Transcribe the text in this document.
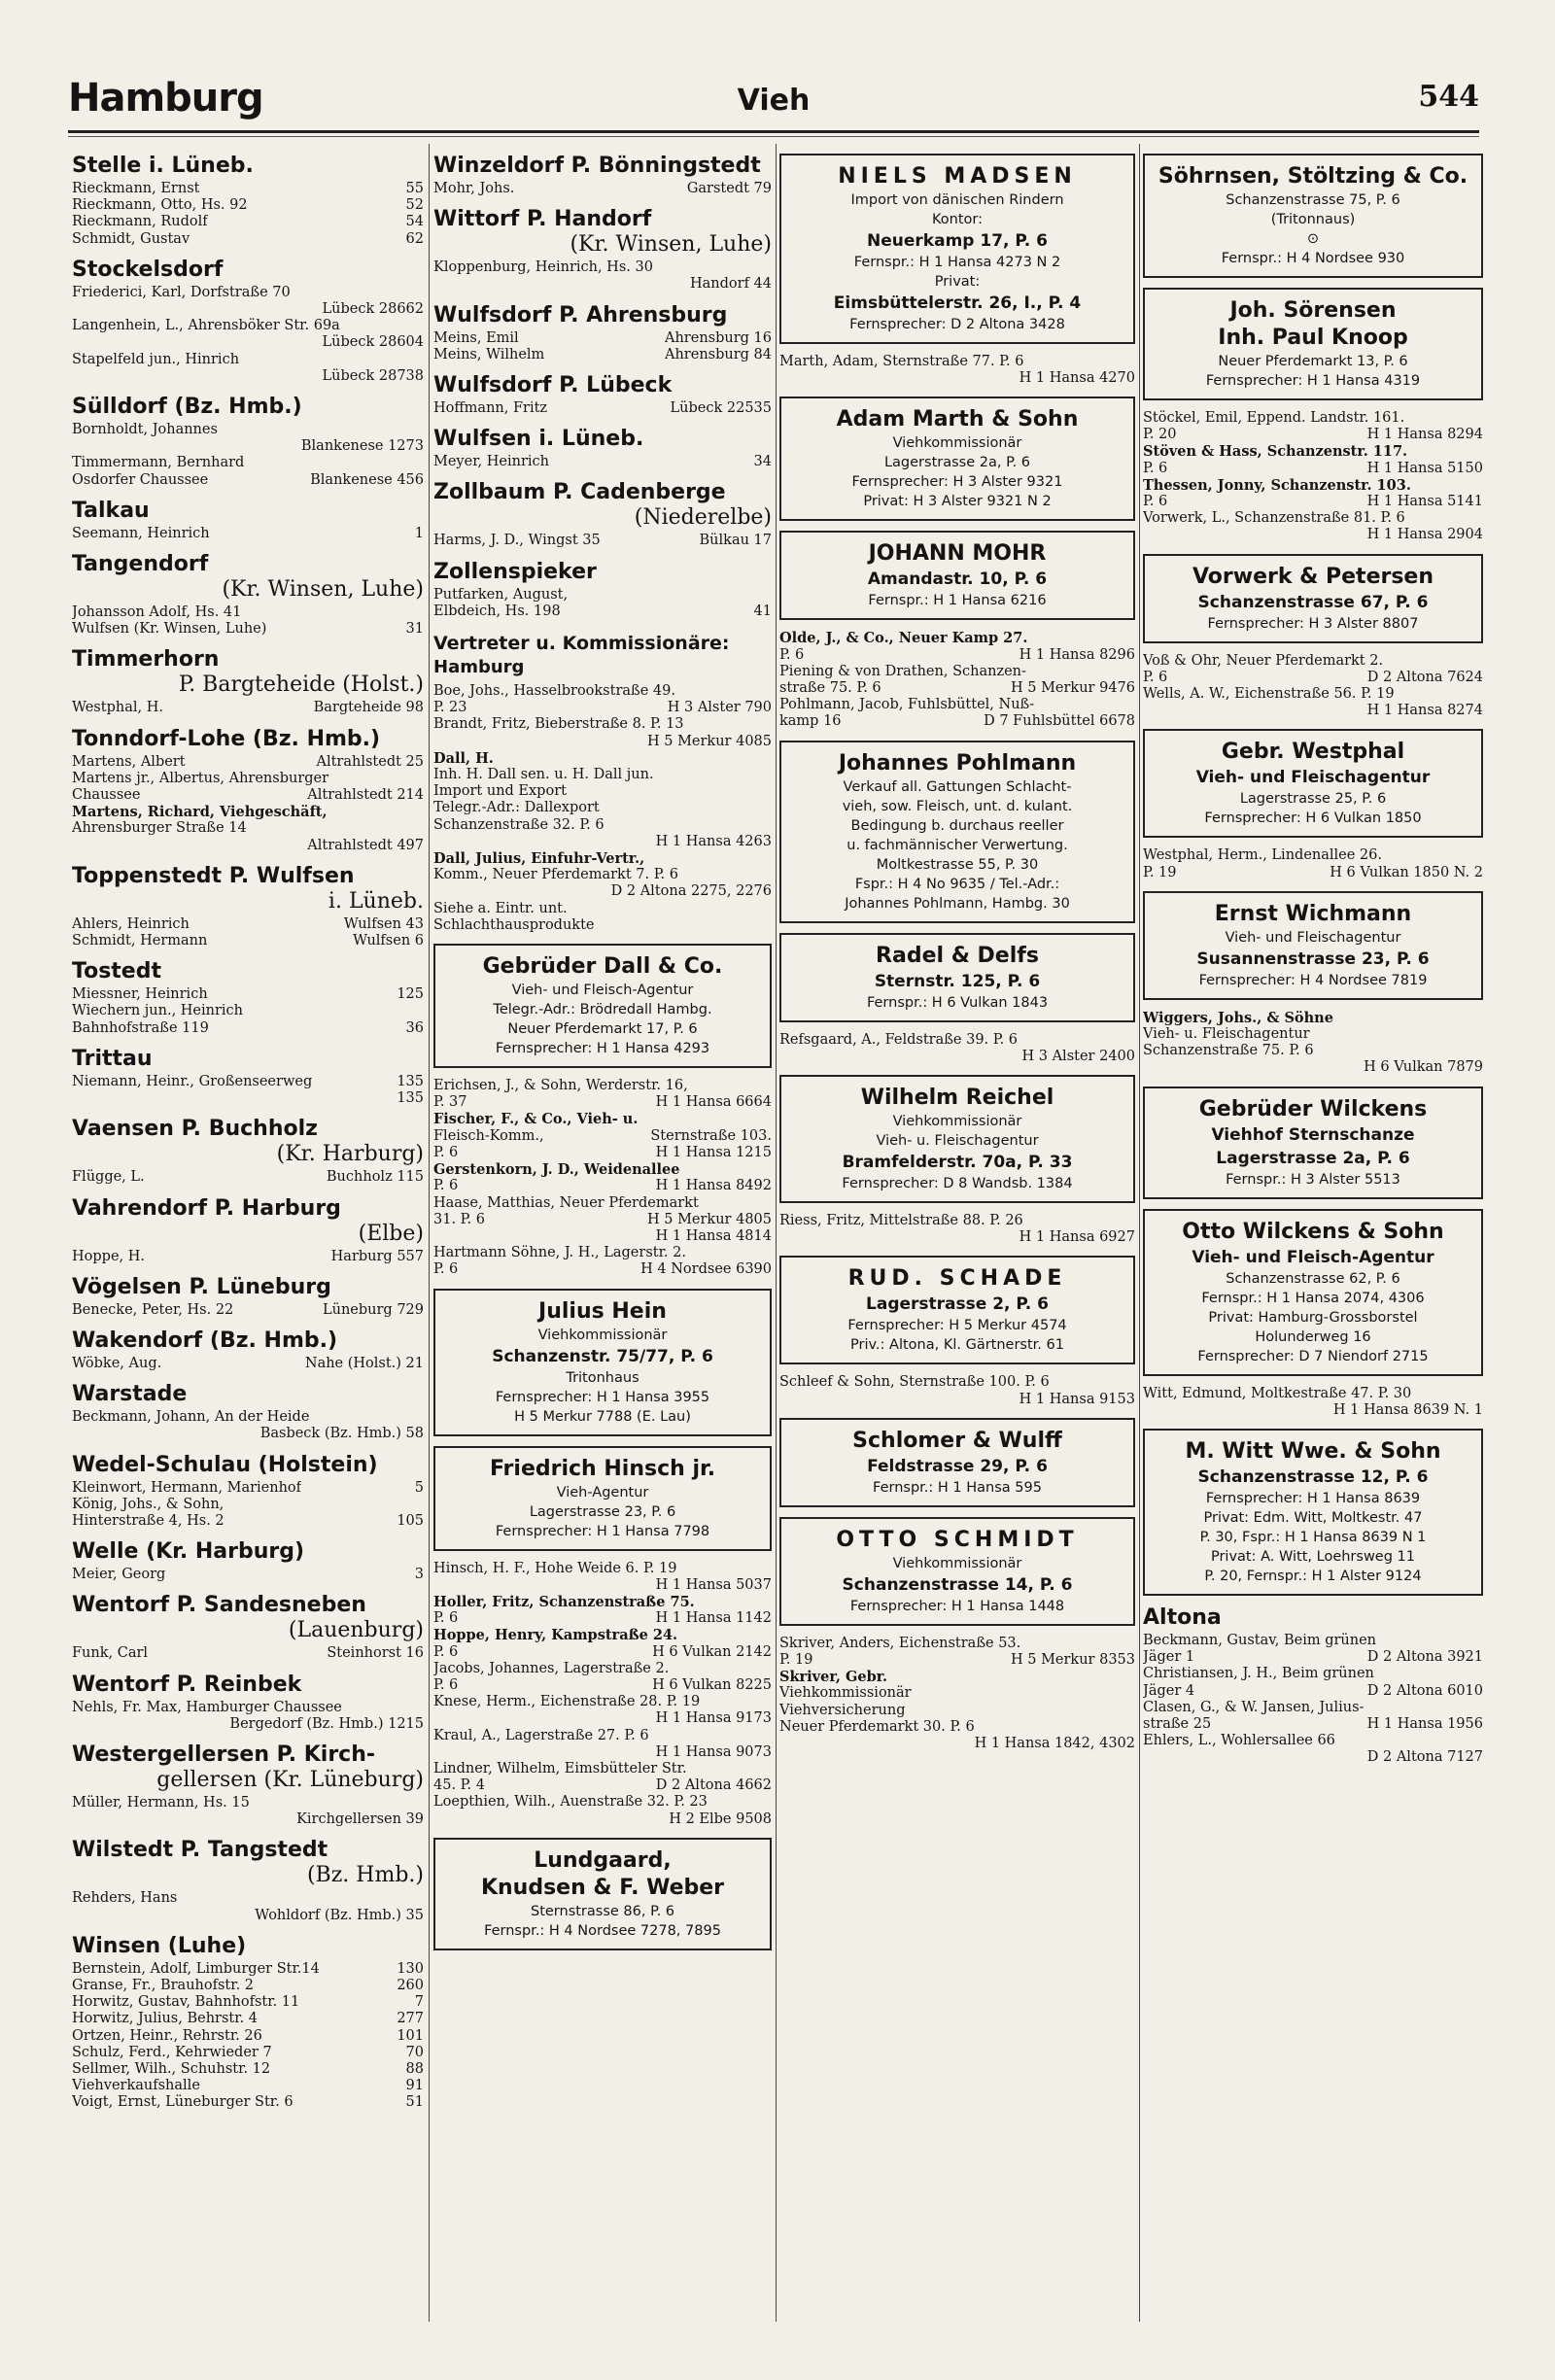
Hamburg	Vieh	544
Stelle i. Lüneb.
Rieckmann, Ernst	55
Rieckmann, Otto, Hs. 92	52
Rieckmann, Rudolf	54
Schmidt, Gustav	62
Stockelsdorf
Friederici, Karl, Dorfstraße 70
Lübeck 28662
Langenhein, L., Ahrensböker Str. 69a
Lübeck 28604
Stapelfeld jun., Hinrich
Lübeck 28738
Sülldorf (Bz. Hmb.)
Bornholdt, Johannes
Blankenese 1273
Timmermann, Bernhard
Osdorfer Chaussee	Blankenese 456
Talkau
Seemann, Heinrich	1
Tangendorf
(Kr. Winsen, Luhe)
Johansson Adolf, Hs. 41
Wulfsen (Kr. Winsen, Luhe)	31
Timmerhorn
P. Bargteheide (Holst.)
Westphal, H.	Bargteheide 98
Tonndorf-Lohe (Bz. Hmb.)
Martens, Albert	Altrahlstedt 25
Martens jr., Albertus, Ahrensburger
Chaussee	Altrahlstedt 214
Martens, Richard, Viehgeschäft,
Ahrensburger Straße 14
Altrahlstedt 497
Toppenstedt P. Wulfsen
i. Lüneb.
Ahlers, Heinrich	Wulfsen 43
Schmidt, Hermann	Wulfsen 6
Tostedt
Miessner, Heinrich	125
Wiechern jun., Heinrich
Bahnhofstraße 119	36
Trittau
Niemann, Heinr., Großenseerweg	135
135
Vaensen P. Buchholz
(Kr. Harburg)
Flügge, L.	Buchholz 115
Vahrendorf P. Harburg
(Elbe)
Hoppe, H.	Harburg 557
Vögelsen P. Lüneburg
Benecke, Peter, Hs. 22	Lüneburg 729
Wakendorf (Bz. Hmb.)
Wöbke, Aug.	Nahe (Holst.) 21
Warstade
Beckmann, Johann, An der Heide
Basbeck (Bz. Hmb.) 58
Wedel-Schulau (Holstein)
Kleinwort, Hermann, Marienhof	5
König, Johs., & Sohn,
Hinterstraße 4, Hs. 2	105
Welle (Kr. Harburg)
Meier, Georg	3
Wentorf P. Sandesneben
(Lauenburg)
Funk, Carl	Steinhorst 16
Wentorf P. Reinbek
Nehls, Fr. Max, Hamburger Chaussee
Bergedorf (Bz. Hmb.) 1215
Westergellersen P. Kirch-
gellersen (Kr. Lüneburg)
Müller, Hermann, Hs. 15
Kirchgellersen 39
Wilstedt P. Tangstedt
(Bz. Hmb.)
Rehders, Hans
Wohldorf (Bz. Hmb.) 35
Winsen (Luhe)
Bernstein, Adolf, Limburger Str.14	130
Granse, Fr., Brauhofstr. 2	260
Horwitz, Gustav, Bahnhofstr. 11	7
Horwitz, Julius, Behrstr. 4	277
Ortzen, Heinr., Rehrstr. 26	101
Schulz, Ferd., Kehrwieder 7	70
Sellmer, Wilh., Schuhstr. 12	88
Viehverkaufshalle	91
Voigt, Ernst, Lüneburger Str. 6	51
Winzeldorf P. Bönningstedt
Mohr, Johs.	Garstedt 79
Wittorf P. Handorf
(Kr. Winsen, Luhe)
Kloppenburg, Heinrich, Hs. 30
Handorf 44
Wulfsdorf P. Ahrensburg
Meins, Emil	Ahrensburg 16
Meins, Wilhelm	Ahrensburg 84
Wulfsdorf P. Lübeck
Hoffmann, Fritz	Lübeck 22535
Wulfsen i. Lüneb.
Meyer, Heinrich	34
Zollbaum P. Cadenberge
(Niederelbe)
Harms, J. D., Wingst 35	Bülkau 17
Zollenspieker
Putfarken, August,
Elbdeich, Hs. 198	41
Vertreter u. Kommissionäre:
Hamburg
Boe, Johs., Hasselbrookstraße 49.
P. 23	H 3 Alster 790
Brandt, Fritz, Bieberstraße 8. P. 13
H 5 Merkur 4085
Dall, H.
Inh. H. Dall sen. u. H. Dall jun.
Import und Export
Telegr.-Adr.: Dallexport
Schanzenstraße 32. P. 6
H 1 Hansa 4263
Dall, Julius, Einfuhr-Vertr.,
Komm., Neuer Pferdemarkt 7. P. 6
D 2 Altona 2275, 2276
Siehe a. Eintr. unt.
Schlachthausprodukte
Gebrüder Dall & Co.
Vieh- und Fleisch-Agentur
Telegr.-Adr.: Brödredall Hambg.
Neuer Pferdemarkt 17, P. 6
Fernsprecher: H 1 Hansa 4293
Erichsen, J., & Sohn, Werderstr. 16,
P. 37	H 1 Hansa 6664
Fischer, F., & Co., Vieh- u.
Fleisch-Komm.,	Sternstraße 103.
P. 6	H 1 Hansa 1215
Gerstenkorn, J. D., Weidenallee
P. 6	H 1 Hansa 8492
Haase, Matthias, Neuer Pferdemarkt
31. P. 6	H 5 Merkur 4805
H 1 Hansa 4814
Hartmann Söhne, J. H., Lagerstr. 2.
P. 6	H 4 Nordsee 6390
Julius Hein
Viehkommissionär
Schanzenstr. 75/77, P. 6
Tritonhaus
Fernsprecher: H 1 Hansa 3955
H 5 Merkur 7788 (E. Lau)
Friedrich Hinsch jr.
Vieh-Agentur
Lagerstrasse 23, P. 6
Fernsprecher: H 1 Hansa 7798
Hinsch, H. F., Hohe Weide 6. P. 19
H 1 Hansa 5037
Holler, Fritz, Schanzenstraße 75.
P. 6	H 1 Hansa 1142
Hoppe, Henry, Kampstraße 24.
P. 6	H 6 Vulkan 2142
Jacobs, Johannes, Lagerstraße 2.
P. 6	H 6 Vulkan 8225
Knese, Herm., Eichenstraße 28. P. 19
H 1 Hansa 9173
Kraul, A., Lagerstraße 27. P. 6
H 1 Hansa 9073
Lindner, Wilhelm, Eimsbütteler Str.
45. P. 4	D 2 Altona 4662
Loepthien, Wilh., Auenstraße 32. P. 23
H 2 Elbe 9508
Lundgaard,
Knudsen & F. Weber
Sternstrasse 86, P. 6
Fernspr.: H 4 Nordsee 7278, 7895
NIELS MADSEN
Import von dänischen Rindern
Kontor:
Neuerkamp 17, P. 6
Fernspr.: H 1 Hansa 4273 N 2
Privat:
Eimsbüttelerstr. 26, I., P. 4
Fernsprecher: D 2 Altona 3428
Marth, Adam, Sternstraße 77. P. 6
H 1 Hansa 4270
Adam Marth & Sohn
Viehkommissionär
Lagerstrasse 2a, P. 6
Fernsprecher: H 3 Alster 9321
Privat: H 3 Alster 9321 N 2
JOHANN MOHR
Amandastr. 10, P. 6
Fernspr.: H 1 Hansa 6216
Olde, J., & Co., Neuer Kamp 27.
P. 6	H 1 Hansa 8296
Piening & von Drathen, Schanzen-
straße 75. P. 6	H 5 Merkur 9476
Pohlmann, Jacob, Fuhlsbüttel, Nuß-
kamp 16	D 7 Fuhlsbüttel 6678
Johannes Pohlmann
Verkauf all. Gattungen Schlacht-
vieh, sow. Fleisch, unt. d. kulant.
Bedingung b. durchaus reeller
u. fachmännischer Verwertung.
Moltkestrasse 55, P. 30
Fspr.: H 4 No 9635 / Tel.-Adr.:
Johannes Pohlmann, Hambg. 30
Radel & Delfs
Sternstr. 125, P. 6
Fernspr.: H 6 Vulkan 1843
Refsgaard, A., Feldstraße 39. P. 6
H 3 Alster 2400
Wilhelm Reichel
Viehkommissionär
Vieh- u. Fleischagentur
Bramfelderstr. 70a, P. 33
Fernsprecher: D 8 Wandsb. 1384
Riess, Fritz, Mittelstraße 88. P. 26
H 1 Hansa 6927
RUD. SCHADE
Lagerstrasse 2, P. 6
Fernsprecher: H 5 Merkur 4574
Priv.: Altona, Kl. Gärtnerstr. 61
Schleef & Sohn, Sternstraße 100. P. 6
H 1 Hansa 9153
Schlomer & Wulff
Feldstrasse 29, P. 6
Fernspr.: H 1 Hansa 595
OTTO SCHMIDT
Viehkommissionär
Schanzenstrasse 14, P. 6
Fernsprecher: H 1 Hansa 1448
Skriver, Anders, Eichenstraße 53.
P. 19	H 5 Merkur 8353
Skriver, Gebr.
Viehkommissionär
Viehversicherung
Neuer Pferdemarkt 30. P. 6
H 1 Hansa 1842, 4302
Söhrnsen, Stöltzing & Co.
Schanzenstrasse 75, P. 6
(Tritonnaus)
⊙
Fernspr.: H 4 Nordsee 930
Joh. Sörensen
Inh. Paul Knoop
Neuer Pferdemarkt 13, P. 6
Fernsprecher: H 1 Hansa 4319
Stöckel, Emil, Eppend. Landstr. 161.
P. 20	H 1 Hansa 8294
Stöven & Hass, Schanzenstr. 117.
P. 6	H 1 Hansa 5150
Thessen, Jonny, Schanzenstr. 103.
P. 6	H 1 Hansa 5141
Vorwerk, L., Schanzenstraße 81. P. 6
H 1 Hansa 2904
Vorwerk & Petersen
Schanzenstrasse 67, P. 6
Fernsprecher: H 3 Alster 8807
Voß & Ohr, Neuer Pferdemarkt 2.
P. 6	D 2 Altona 7624
Wells, A. W., Eichenstraße 56. P. 19
H 1 Hansa 8274
Gebr. Westphal
Vieh- und Fleischagentur
Lagerstrasse 25, P. 6
Fernsprecher: H 6 Vulkan 1850
Westphal, Herm., Lindenallee 26.
P. 19	H 6 Vulkan 1850 N. 2
Ernst Wichmann
Vieh- und Fleischagentur
Susannenstrasse 23, P. 6
Fernsprecher: H 4 Nordsee 7819
Wiggers, Johs., & Söhne
Vieh- u. Fleischagentur
Schanzenstraße 75. P. 6
H 6 Vulkan 7879
Gebrüder Wilckens
Viehhof Sternschanze
Lagerstrasse 2a, P. 6
Fernspr.: H 3 Alster 5513
Otto Wilckens & Sohn
Vieh- und Fleisch-Agentur
Schanzenstrasse 62, P. 6
Fernspr.: H 1 Hansa 2074, 4306
Privat: Hamburg-Grossborstel
Holunderweg 16
Fernsprecher: D 7 Niendorf 2715
Witt, Edmund, Moltkestraße 47. P. 30
H 1 Hansa 8639 N. 1
M. Witt Wwe. & Sohn
Schanzenstrasse 12, P. 6
Fernsprecher: H 1 Hansa 8639
Privat: Edm. Witt, Moltkestr. 47
P. 30, Fspr.: H 1 Hansa 8639 N 1
Privat: A. Witt, Loehrsweg 11
P. 20, Fernspr.: H 1 Alster 9124
Altona
Beckmann, Gustav, Beim grünen
Jäger 1	D 2 Altona 3921
Christiansen, J. H., Beim grünen
Jäger 4	D 2 Altona 6010
Clasen, G., & W. Jansen, Julius-
straße 25	H 1 Hansa 1956
Ehlers, L., Wohlersallee 66
D 2 Altona 7127
